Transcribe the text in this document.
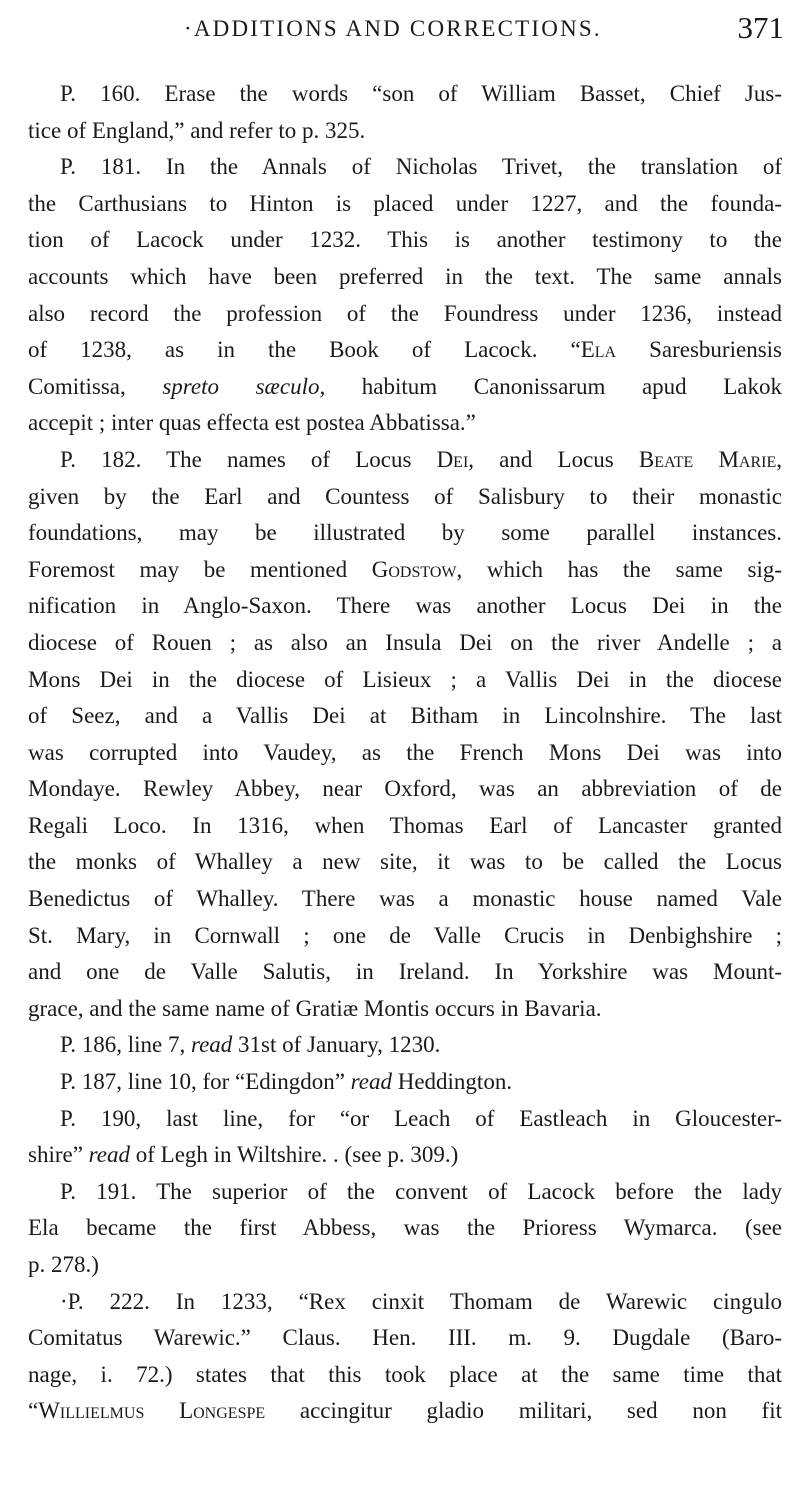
·ADDITIONS AND CORRECTIONS.	371
P. 160. Erase the words “son of William Basset, Chief Jus-
tice of England,” and refer to p. 325.
P. 181. In the Annals of Nicholas Trivet, the translation of
the Carthusians to Hinton is placed under 1227, and the founda-
tion of Lacock under 1232. This is another testimony to the
accounts which have been preferred in the text. The same annals
also record the profession of the Foundress under 1236, instead
of 1238, as in the Book of Lacock. “Ela Saresburiensis
Comitissa, spreto sæculo, habitum Canonissarum apud Lakok
accepit ; inter quas effecta est postea Abbatissa.”
P. 182. The names of Locus Dei, and Locus Beate Marie,
given by the Earl and Countess of Salisbury to their monastic
foundations, may be illustrated by some parallel instances.
Foremost may be mentioned Godstow, which has the same sig-
nification in Anglo-Saxon. There was another Locus Dei in the
diocese of Rouen ; as also an Insula Dei on the river Andelle ; a
Mons Dei in the diocese of Lisieux ; a Vallis Dei in the diocese
of Seez, and a Vallis Dei at Bitham in Lincolnshire. The last
was corrupted into Vaudey, as the French Mons Dei was into
Mondaye. Rewley Abbey, near Oxford, was an abbreviation of de
Regali Loco. In 1316, when Thomas Earl of Lancaster granted
the monks of Whalley a new site, it was to be called the Locus
Benedictus of Whalley. There was a monastic house named Vale
St. Mary, in Cornwall ; one de Valle Crucis in Denbighshire ;
and one de Valle Salutis, in Ireland. In Yorkshire was Mount-
grace, and the same name of Gratiæ Montis occurs in Bavaria.
P. 186, line 7, read 31st of January, 1230.
P. 187, line 10, for “Edingdon” read Heddington.
P. 190, last line, for “or Leach of Eastleach in Gloucester-
shire” read of Legh in Wiltshire. . (see p. 309.)
P. 191. The superior of the convent of Lacock before the lady
Ela became the first Abbess, was the Prioress Wymarca. (see
p. 278.)
·P. 222. In 1233, “Rex cinxit Thomam de Warewic cingulo
Comitatus Warewic.” Claus. Hen. III. m. 9. Dugdale (Baro-
nage, i. 72.) states that this took place at the same time that
“Willielmus Longespe accingitur gladio militari, sed non fit
